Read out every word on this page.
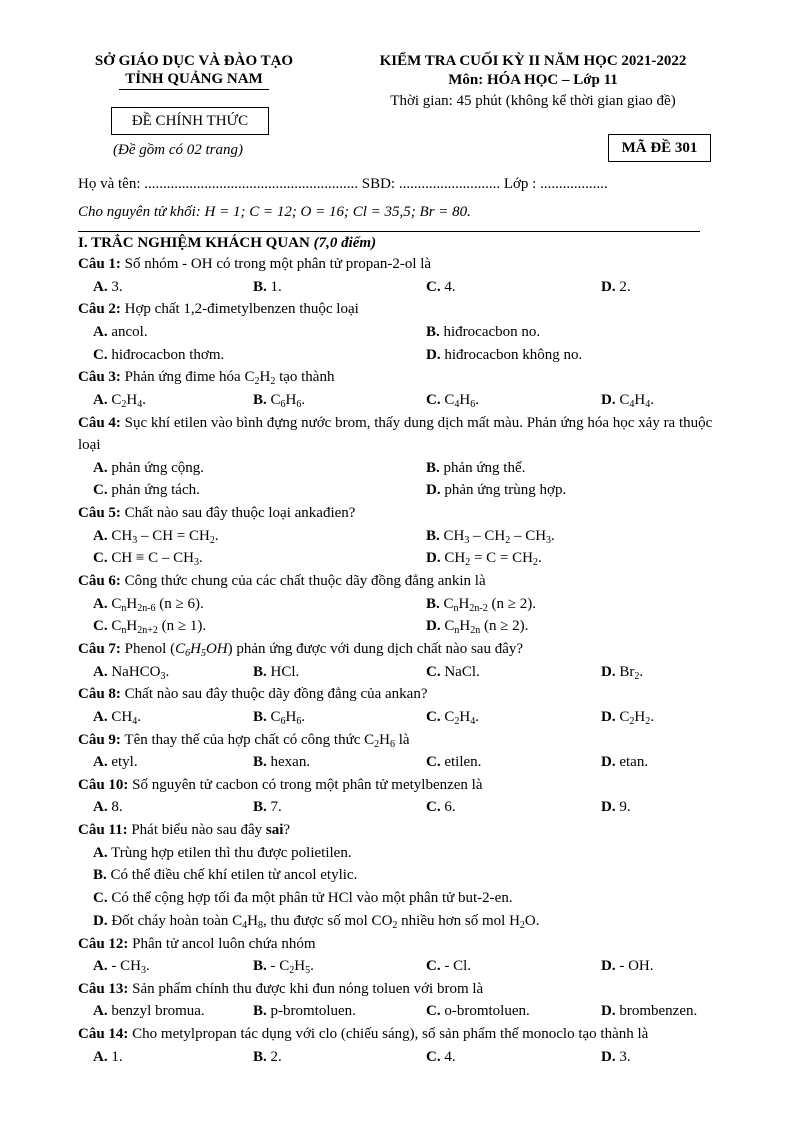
SỞ GIÁO DỤC VÀ ĐÀO TẠO
TỈNH QUẢNG NAM
KIỂM TRA CUỐI KỲ II NĂM HỌC 2021-2022
Môn: HÓA HỌC – Lớp 11
Thời gian: 45 phút (không kể thời gian giao đề)
ĐỀ CHÍNH THỨC
(Đề gồm có 02 trang)	MÃ ĐỀ 301
Họ và tên: ......................................................... SBD: ........................... Lớp : ..................
Cho nguyên tử khối: H = 1; C = 12; O = 16; Cl = 35,5; Br = 80.
I. TRẮC NGHIỆM KHÁCH QUAN (7,0 điểm)
Câu 1: Số nhóm - OH có trong một phân tử propan-2-ol là
A. 3.	B. 1.	C. 4.	D. 2.
Câu 2: Hợp chất 1,2-đimetylbenzen thuộc loại
A. ancol.	B. hiđrocacbon no.
C. hiđrocacbon thơm.	D. hiđrocacbon không no.
Câu 3: Phản ứng đime hóa $C_2H_2$ tạo thành
A. $C_2H_4$.	B. $C_6H_6$.	C. $C_4H_6$.	D. $C_4H_4$.
Câu 4: Sục khí etilen vào bình đựng nước brom, thấy dung dịch mất màu. Phản ứng hóa học xảy ra thuộc loại
A. phản ứng cộng.	B. phản ứng thế.
C. phản ứng tách.	D. phản ứng trùng hợp.
Câu 5: Chất nào sau đây thuộc loại ankađien?
A. $CH_3$ – CH = $CH_2$.	B. $CH_3 - CH_2 - CH_3$.
C. CH ≡ C – $CH_3$.	D. $CH_2 = C = CH_2$.
Câu 6: Công thức chung của các chất thuộc dãy đồng đẳng ankin là
A. $C_nH_{2n-6}$ (n ≥ 6).	B. $C_nH_{2n-2}$ (n ≥ 2).
C. $C_nH_{2n+2}$ (n ≥ 1).	D. $C_nH_{2n}$ (n ≥ 2).
Câu 7: Phenol $(C_6H_5OH)$ phản ứng được với dung dịch chất nào sau đây?
A. NaHCO$_3$.	B. HCl.	C. NaCl.	D. $Br_2$.
Câu 8: Chất nào sau đây thuộc dãy đồng đẳng của ankan?
A. $CH_4$.	B. $C_6H_6$.	C. $C_2H_4$.	D. $C_2H_2$.
Câu 9: Tên thay thế của hợp chất có công thức $C_2H_6$ là
A. etyl.	B. hexan.	C. etilen.	D. etan.
Câu 10: Số nguyên tử cacbon có trong một phân tử metylbenzen là
A. 8.	B. 7.	C. 6.	D. 9.
Câu 11: Phát biểu nào sau đây sai?
A. Trùng hợp etilen thì thu được polietilen.
B. Có thể điều chế khí etilen từ ancol etylic.
C. Có thể cộng hợp tối đa một phân tử HCl vào một phân tử but-2-en.
D. Đốt cháy hoàn toàn $C_4H_8$, thu được số mol $CO_2$ nhiều hơn số mol $H_2O$.
Câu 12: Phân tử ancol luôn chứa nhóm
A. - $CH_3$.	B. - $C_2H_5$.	C. - Cl.	D. - OH.
Câu 13: Sản phẩm chính thu được khi đun nóng toluen với brom là
A. benzyl bromua.	B. p-bromtoluen.	C. o-bromtoluen.	D. brombenzen.
Câu 14: Cho metylpropan tác dụng với clo (chiếu sáng), số sản phẩm thế monoclo tạo thành là
A. 1.	B. 2.	C. 4.	D. 3.
